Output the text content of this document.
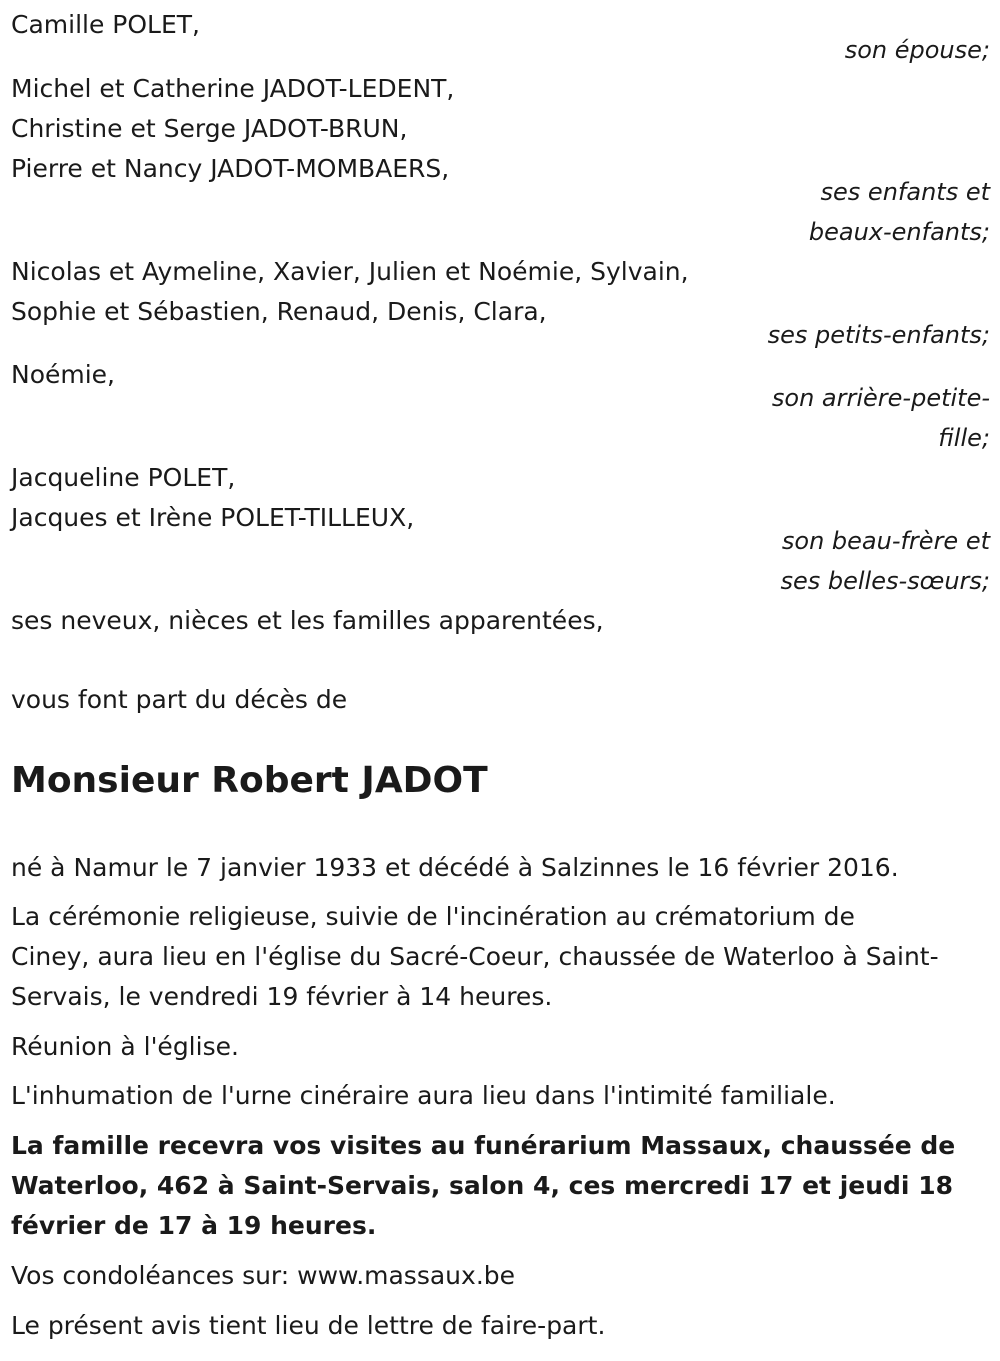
Camille POLET,

son épouse;

Michel et Catherine JADOT-LEDENT,

Christine et Serge JADOT-BRUN,

Pierre et Nancy JADOT-MOMBAERS,

ses enfants et

beaux-enfants;

Nicolas et Aymeline, Xavier, Julien et Noémie, Sylvain,

Sophie et Sébastien, Renaud, Denis, Clara,

ses petits-enfants;

Noémie,

son arrière-petite-

fille;

Jacqueline POLET,

Jacques et Irène POLET-TILLEUX,

son beau-frère et

ses belles-sœurs;

ses neveux, nièces et les familles apparentées,

vous font part du décès de

Monsieur Robert JADOT

né à Namur le 7 janvier 1933 et décédé à Salzinnes le 16 février 2016.

La cérémonie religieuse, suivie de l'incinération au crématorium de

Ciney, aura lieu en l'église du Sacré-Coeur, chaussée de Waterloo à Saint-

Servais, le vendredi 19 février à 14 heures.

Réunion à l'église.

L'inhumation de l'urne cinéraire aura lieu dans l'intimité familiale.

La famille recevra vos visites au funérarium Massaux, chaussée de

Waterloo, 462 à Saint-Servais, salon 4, ces mercredi 17 et jeudi 18

février de 17 à 19 heures.

Vos condoléances sur: www.massaux.be

Le présent avis tient lieu de lettre de faire-part.
